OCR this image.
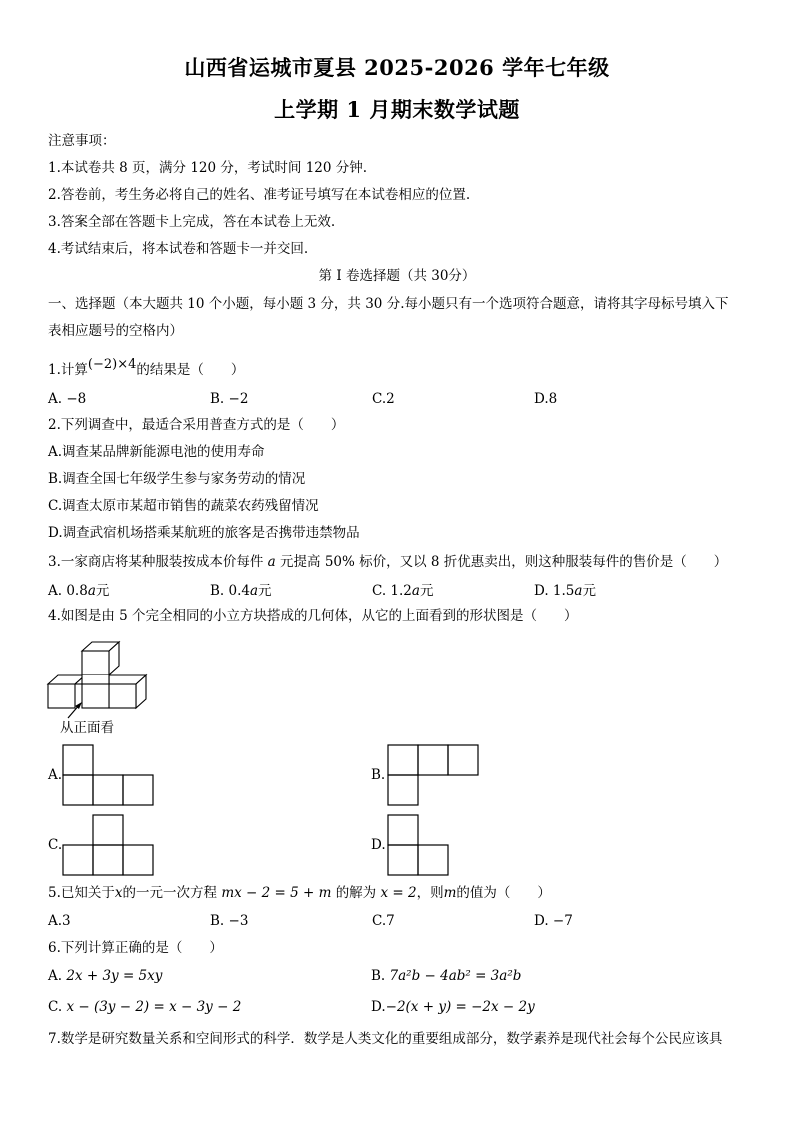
山西省运城市夏县 2025-2026 学年七年级
上学期 1 月期末数学试题
注意事项：
1.本试卷共 8 页，满分 120 分，考试时间 120 分钟.
2.答卷前，考生务必将自己的姓名、准考证号填写在本试卷相应的位置.
3.答案全部在答题卡上完成，答在本试卷上无效.
4.考试结束后，将本试卷和答题卡一并交回.
第 I 卷选择题（共 30分）
一、选择题（本大题共 10 个小题，每小题 3 分，共 30 分.每小题只有一个选项符合题意，请将其字母标号填入下
表相应题号的空格内）
1.计算(−2)×4的结果是（　　）
A. −8	B. −2	C.2	D.8
2.下列调查中，最适合采用普查方式的是（　　）
A.调查某品牌新能源电池的使用寿命
B.调查全国七年级学生参与家务劳动的情况
C.调查太原市某超市销售的蔬菜农药残留情况
D.调查武宿机场搭乘某航班的旅客是否携带违禁物品
3.一家商店将某种服装按成本价每件 a 元提高 50% 标价，又以 8 折优惠卖出，则这种服装每件的售价是（　　）
A. 0.8a元	B. 0.4a元	C. 1.2a元	D. 1.5a元
4.如图是由 5 个完全相同的小立方块搭成的几何体，从它的上面看到的形状图是（　　）
从正面看
A.	B.
C.	D.
5.已知关于x的一元一次方程 mx − 2 = 5 + m 的解为 x = 2，则m的值为（　　）
A.3	B. −3	C.7	D. −7
6.下列计算正确的是（　　）
A. 2x + 3y = 5xy	B. 7a²b − 4ab² = 3a²b
C. x − (3y − 2) = x − 3y − 2	D.−2(x + y) = −2x − 2y
7.数学是研究数量关系和空间形式的科学．数学是人类文化的重要组成部分，数学素养是现代社会每个公民应该具
